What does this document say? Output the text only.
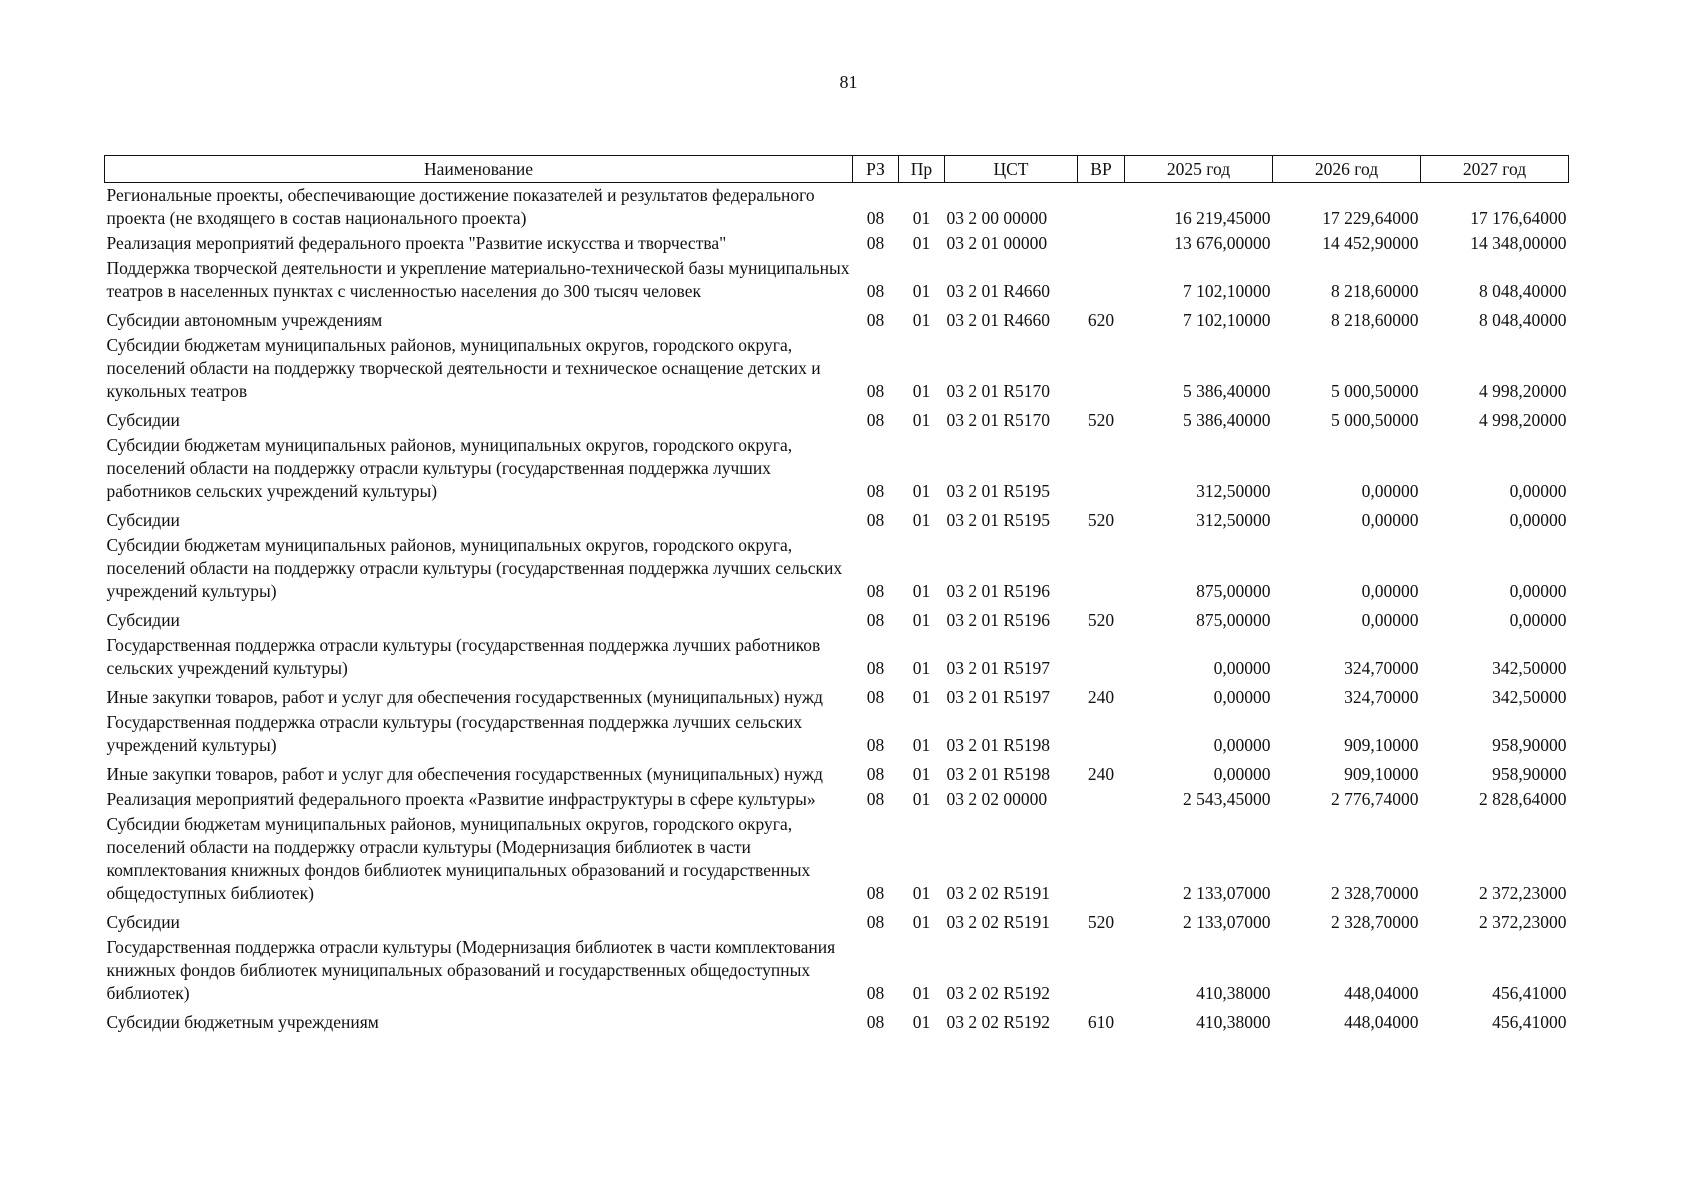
81
Наименование	РЗ	Пр	ЦСТ	ВР	2025 год	2026 год	2027 год
Региональные проекты, обеспечивающие достижение показателей и результатов федерального проекта (не входящего в состав национального проекта)	08	01	03 2 00 00000		16 219,45000	17 229,64000	17 176,64000
Реализация мероприятий федерального проекта "Развитие искусства и творчества"	08	01	03 2 01 00000		13 676,00000	14 452,90000	14 348,00000
Поддержка творческой деятельности и укрепление материально-технической базы муниципальных театров в населенных пунктах с численностью населения до 300 тысяч человек	08	01	03 2 01 R4660		7 102,10000	8 218,60000	8 048,40000
Субсидии автономным учреждениям	08	01	03 2 01 R4660	620	7 102,10000	8 218,60000	8 048,40000
Субсидии бюджетам муниципальных районов, муниципальных округов, городского округа, поселений области на поддержку творческой деятельности и техническое оснащение детских и кукольных театров	08	01	03 2 01 R5170		5 386,40000	5 000,50000	4 998,20000
Субсидии	08	01	03 2 01 R5170	520	5 386,40000	5 000,50000	4 998,20000
Субсидии бюджетам муниципальных районов, муниципальных округов, городского округа, поселений области на поддержку отрасли культуры (государственная поддержка лучших работников сельских учреждений культуры)	08	01	03 2 01 R5195		312,50000	0,00000	0,00000
Субсидии	08	01	03 2 01 R5195	520	312,50000	0,00000	0,00000
Субсидии бюджетам муниципальных районов, муниципальных округов, городского округа, поселений области на поддержку отрасли культуры (государственная поддержка лучших сельских учреждений культуры)	08	01	03 2 01 R5196		875,00000	0,00000	0,00000
Субсидии	08	01	03 2 01 R5196	520	875,00000	0,00000	0,00000
Государственная поддержка отрасли культуры (государственная поддержка лучших работников сельских учреждений культуры)	08	01	03 2 01 R5197		0,00000	324,70000	342,50000
Иные закупки товаров, работ и услуг для обеспечения государственных (муниципальных) нужд	08	01	03 2 01 R5197	240	0,00000	324,70000	342,50000
Государственная поддержка отрасли культуры (государственная поддержка лучших сельских учреждений культуры)	08	01	03 2 01 R5198		0,00000	909,10000	958,90000
Иные закупки товаров, работ и услуг для обеспечения государственных (муниципальных) нужд	08	01	03 2 01 R5198	240	0,00000	909,10000	958,90000
Реализация мероприятий федерального проекта «Развитие инфраструктуры в сфере культуры»	08	01	03 2 02 00000		2 543,45000	2 776,74000	2 828,64000
Субсидии бюджетам муниципальных районов, муниципальных округов, городского округа, поселений области на поддержку отрасли культуры (Модернизация библиотек в части комплектования книжных фондов библиотек муниципальных образований и государственных общедоступных библиотек)	08	01	03 2 02 R5191		2 133,07000	2 328,70000	2 372,23000
Субсидии	08	01	03 2 02 R5191	520	2 133,07000	2 328,70000	2 372,23000
Государственная поддержка отрасли культуры (Модернизация библиотек в части комплектования книжных фондов библиотек муниципальных образований и государственных общедоступных библиотек)	08	01	03 2 02 R5192		410,38000	448,04000	456,41000
Субсидии бюджетным учреждениям	08	01	03 2 02 R5192	610	410,38000	448,04000	456,41000
